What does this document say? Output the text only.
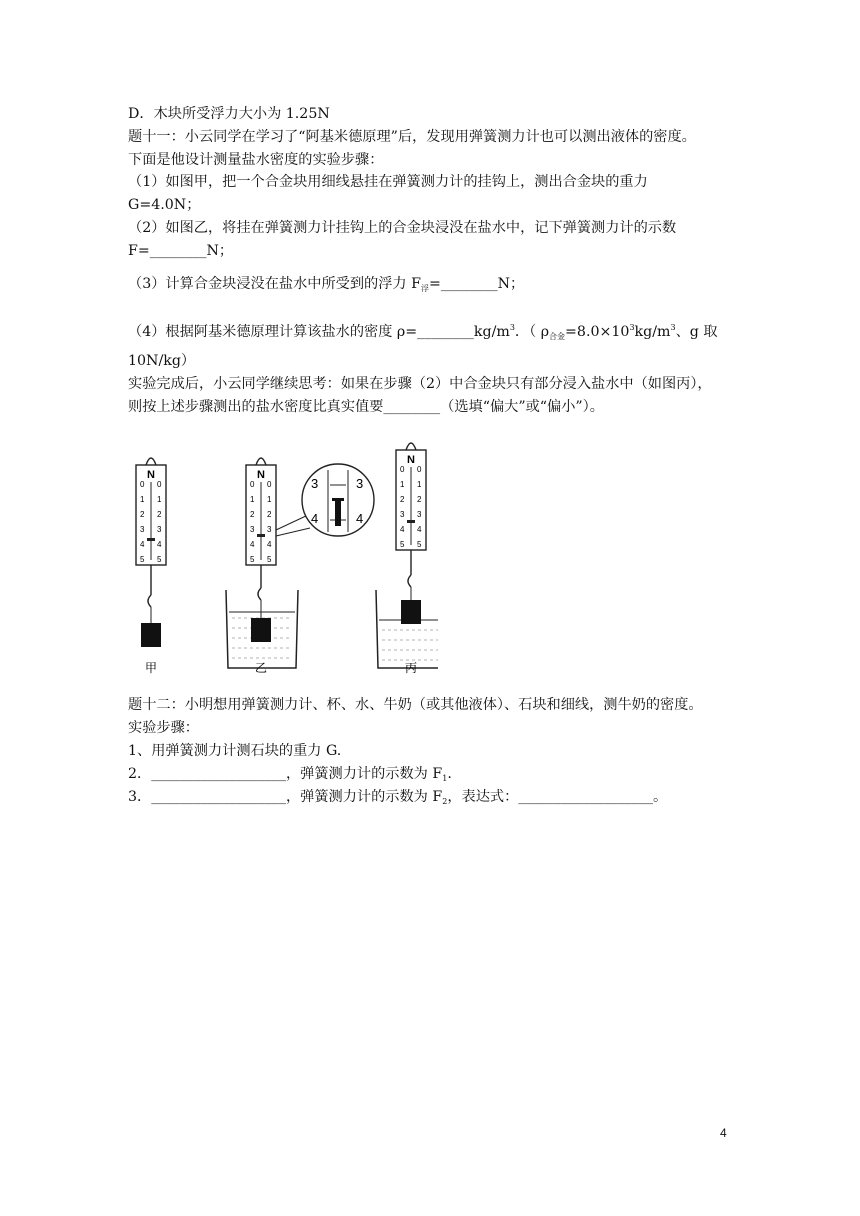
D．木块所受浮力大小为 1.25N
题十一：小云同学在学习了“阿基米德原理”后，发现用弹簧测力计也可以测出液体的密度。
下面是他设计测量盐水密度的实验步骤：
（1）如图甲，把一个合金块用细线悬挂在弹簧测力计的挂钩上，测出合金块的重力
G=4.0N；
（2）如图乙，将挂在弹簧测力计挂钩上的合金块浸没在盐水中，记下弹簧测力计的示数
F=________N；
（3）计算合金块浸没在盐水中所受到的浮力 $F_浮=\_\_\_\_\_\_\_\_N$；
（4）根据阿基米德原理计算该盐水的密度 $\rho=\_\_\_\_\_\_\_\_kg/m^3$．（ $\rho_{合金}=8.0\times 10^3kg/m^3$、g 取
10N/kg）
实验完成后，小云同学继续思考：如果在步骤（2）中合金块只有部分浸入盐水中（如图丙），
则按上述步骤测出的盐水密度比真实值要________（选填“偏大”或“偏小”）。
N
0 0
1 1
2 2
3 3
4 4
5 5
甲
N
0 0
1 1
2 2
3 3
4 4
5 5
乙
3	3
4	4
N
0 0
1 1
2 2
3 3
4 4
5 5
丙
题十二：小明想用弹簧测力计、杯、水、牛奶（或其他液体）、石块和细线，测牛奶的密度。
实验步骤：
1、用弹簧测力计测石块的重力 G.
2．___________________，弹簧测力计的示数为 $F_1$.
3．___________________，弹簧测力计的示数为 $F_2$，表达式：___________________。
4
